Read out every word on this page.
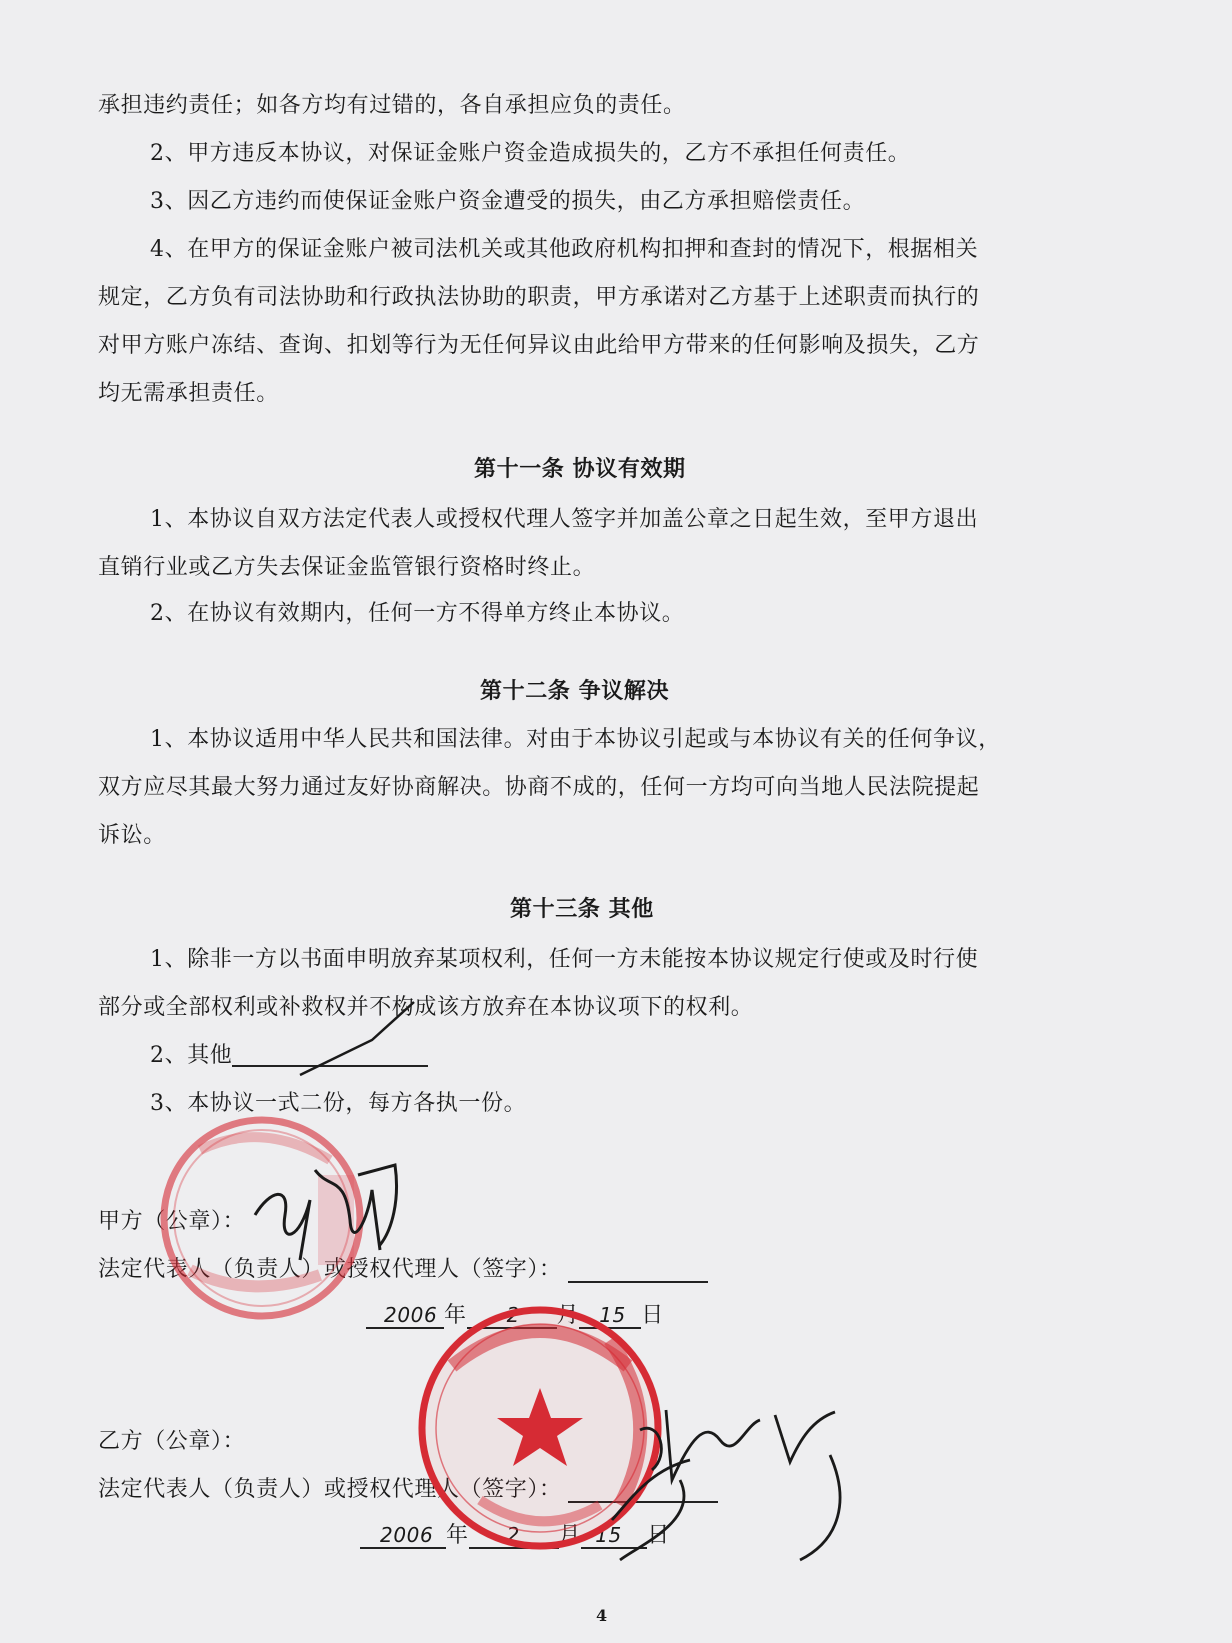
承担违约责任；如各方均有过错的，各自承担应负的责任。
2、甲方违反本协议，对保证金账户资金造成损失的，乙方不承担任何责任。
3、因乙方违约而使保证金账户资金遭受的损失，由乙方承担赔偿责任。
4、在甲方的保证金账户被司法机关或其他政府机构扣押和查封的情况下，根据相关
规定，乙方负有司法协助和行政执法协助的职责，甲方承诺对乙方基于上述职责而执行的
对甲方账户冻结、查询、扣划等行为无任何异议由此给甲方带来的任何影响及损失，乙方
均无需承担责任。
第十一条 协议有效期
1、本协议自双方法定代表人或授权代理人签字并加盖公章之日起生效，至甲方退出
直销行业或乙方失去保证金监管银行资格时终止。
2、在协议有效期内，任何一方不得单方终止本协议。
第十二条 争议解决
1、本协议适用中华人民共和国法律。对由于本协议引起或与本协议有关的任何争议，
双方应尽其最大努力通过友好协商解决。协商不成的，任何一方均可向当地人民法院提起
诉讼。
第十三条 其他
1、除非一方以书面申明放弃某项权利，任何一方未能按本协议规定行使或及时行使
部分或全部权利或补救权并不构成该方放弃在本协议项下的权利。
2、其他
3、本协议一式二份，每方各执一份。
甲方（公章）：
法定代表人（负责人）或授权代理人（签字）：
2006 年 2 月 15 日
乙方（公章）：
法定代表人（负责人）或授权代理人（签字）：
2006 年 2 月 15 日
4
